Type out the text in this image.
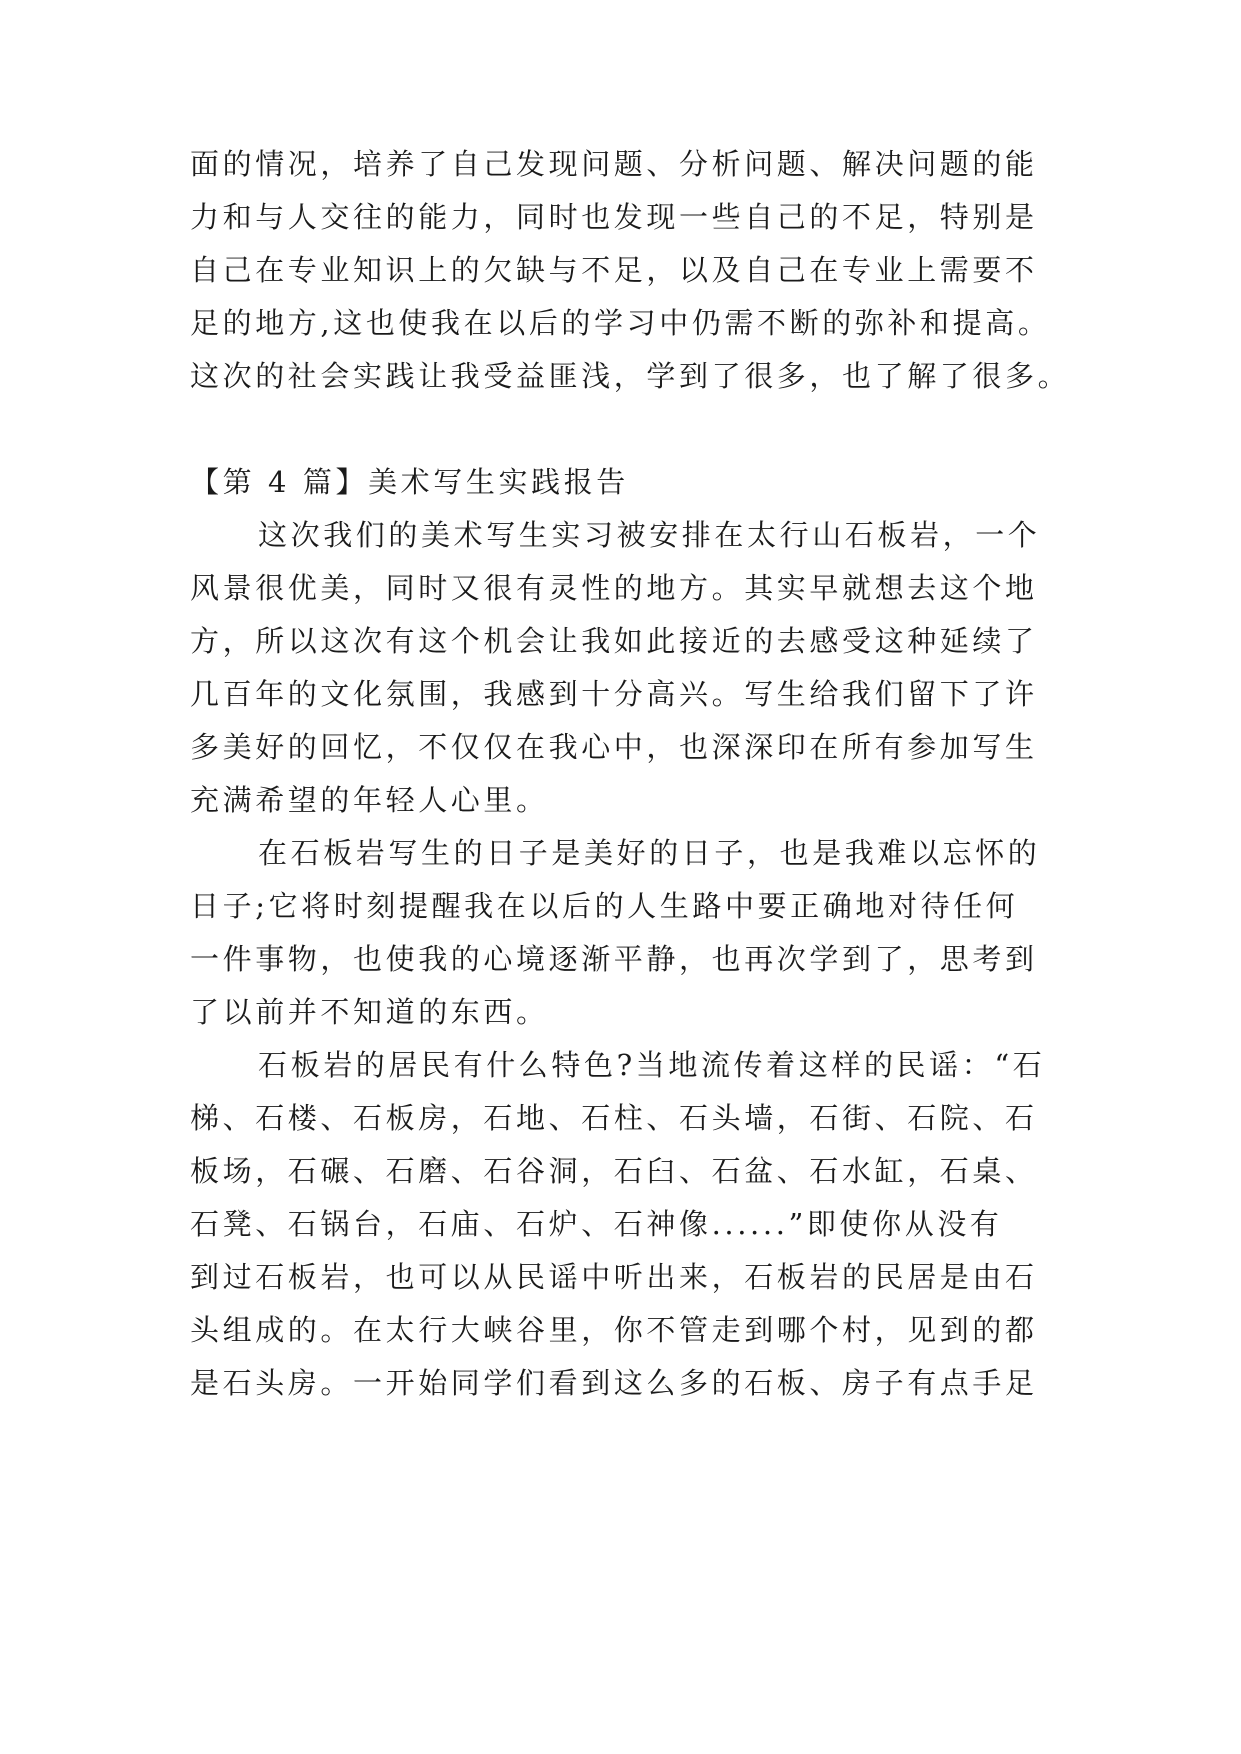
面的情况，培养了自己发现问题、分析问题、解决问题的能
力和与人交往的能力，同时也发现一些自己的不足，特别是
自己在专业知识上的欠缺与不足，以及自己在专业上需要不
足的地方,这也使我在以后的学习中仍需不断的弥补和提高。
这次的社会实践让我受益匪浅，学到了很多，也了解了很多。
【第 4 篇】美术写生实践报告
这次我们的美术写生实习被安排在太行山石板岩，一个
风景很优美，同时又很有灵性的地方。其实早就想去这个地
方，所以这次有这个机会让我如此接近的去感受这种延续了
几百年的文化氛围，我感到十分高兴。写生给我们留下了许
多美好的回忆，不仅仅在我心中，也深深印在所有参加写生
充满希望的年轻人心里。
在石板岩写生的日子是美好的日子，也是我难以忘怀的
日子;它将时刻提醒我在以后的人生路中要正确地对待任何
一件事物，也使我的心境逐渐平静，也再次学到了，思考到
了以前并不知道的东西。
石板岩的居民有什么特色?当地流传着这样的民谣：“石
梯、石楼、石板房，石地、石柱、石头墙，石街、石院、石
板场，石碾、石磨、石谷洞，石臼、石盆、石水缸，石桌、
石凳、石锅台，石庙、石炉、石神像......”即使你从没有
到过石板岩，也可以从民谣中听出来，石板岩的民居是由石
头组成的。在太行大峡谷里，你不管走到哪个村，见到的都
是石头房。一开始同学们看到这么多的石板、房子有点手足
